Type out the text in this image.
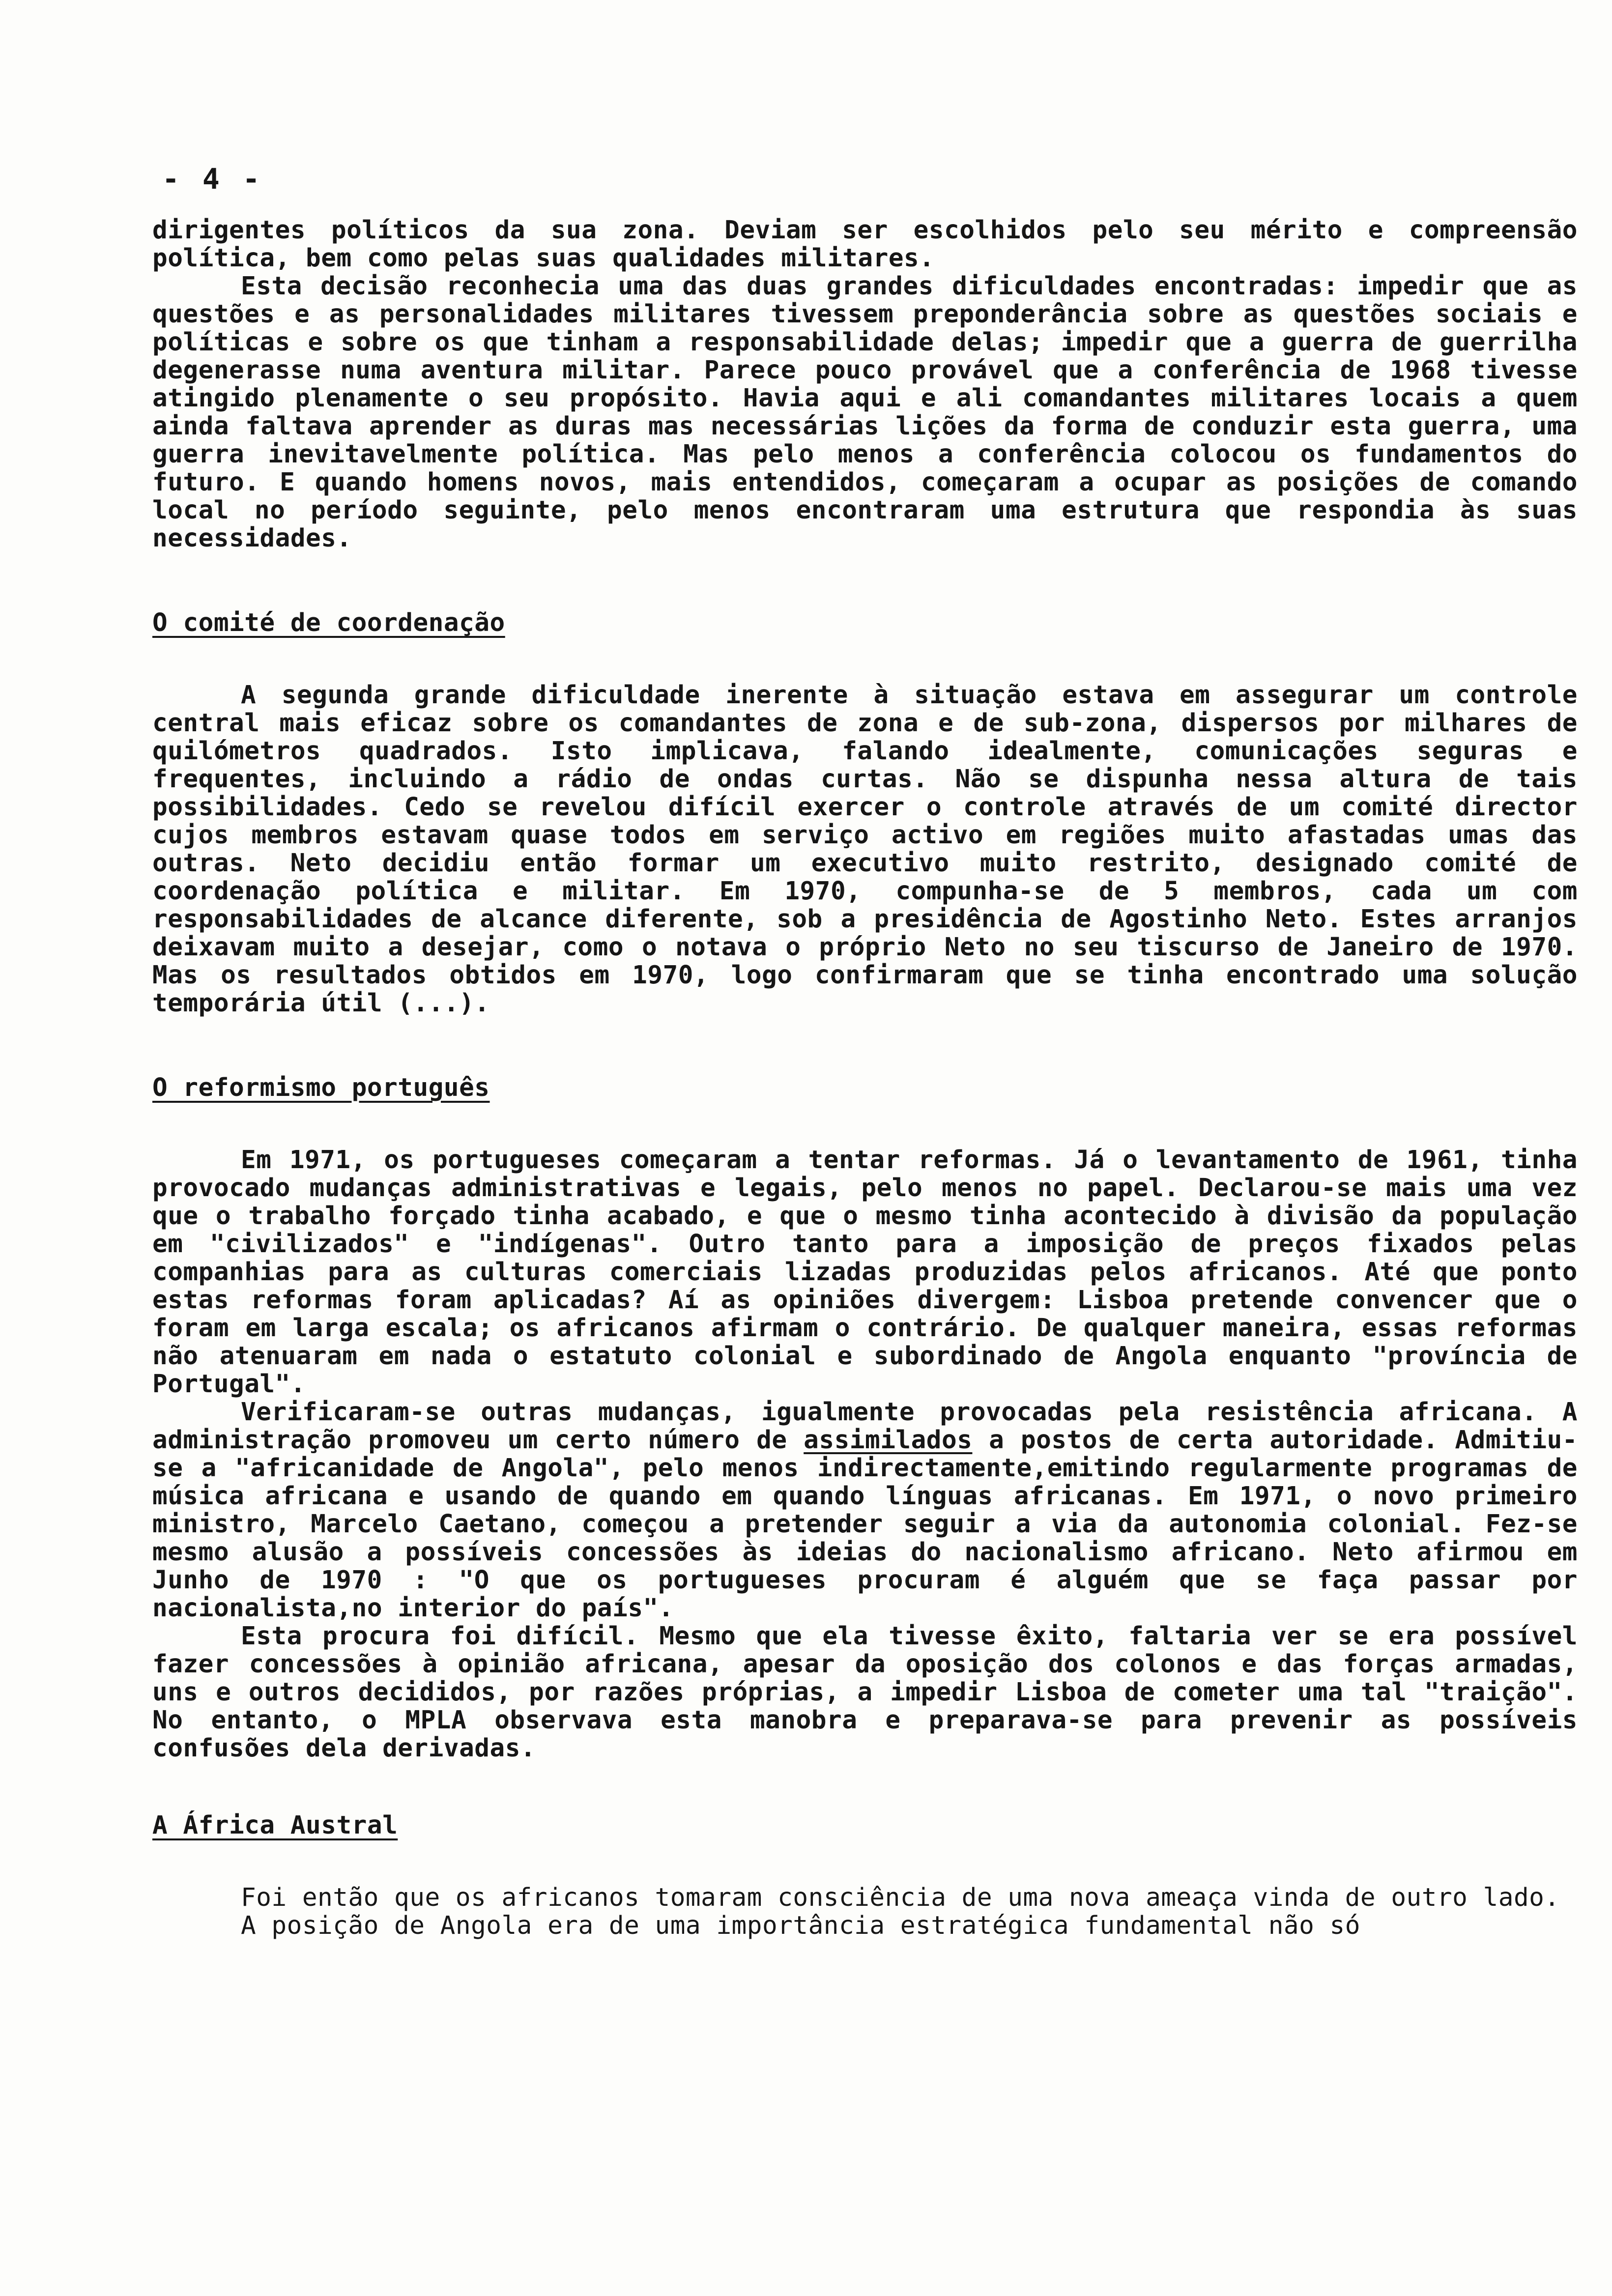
- 4 -

dirigentes políticos da sua zona. Deviam ser escolhidos pelo seu mérito e compreensão política, bem como pelas suas qualidades militares.

Esta decisão reconhecia uma das duas grandes dificuldades encontradas: impedir que as questões e as personalidades militares tivessem preponderância sobre as questões sociais e políticas e sobre os que tinham a responsabilidade delas; impedir que a guerra de guerrilha degenerasse numa aventura militar. Parece pouco provável que a conferência de 1968 tivesse atingido plenamente o seu propósito. Havia aqui e ali comandantes militares locais a quem ainda faltava aprender as duras mas necessárias lições da forma de conduzir esta guerra, uma guerra inevitavelmente política. Mas pelo menos a conferência colocou os fundamentos do futuro. E quando homens novos, mais entendidos, começaram a ocupar as posições de comando local no período seguinte, pelo menos encontraram uma estrutura que respondia às suas necessidades.

O comité de coordenação

A segunda grande dificuldade inerente à situação estava em assegurar um controle central mais eficaz sobre os comandantes de zona e de sub-zona, dispersos por milhares de quilómetros quadrados. Isto implicava, falando idealmente, comunicações seguras e frequentes, incluindo a rádio de ondas curtas. Não se dispunha nessa altura de tais possibilidades. Cedo se revelou difícil exercer o controle através de um comité director cujos membros estavam quase todos em serviço activo em regiões muito afastadas umas das outras. Neto decidiu então formar um executivo muito restrito, designado comité de coordenação política e militar. Em 1970, compunha-se de 5 membros, cada um com responsabilidades de alcance diferente, sob a presidência de Agostinho Neto. Estes arranjos deixavam muito a desejar, como o notava o próprio Neto no seu tiscurso de Janeiro de 1970. Mas os resultados obtidos em 1970, logo confirmaram que se tinha encontrado uma solução temporária útil (...).

O reformismo português

Em 1971, os portugueses começaram a tentar reformas. Já o levantamento de 1961, tinha provocado mudanças administrativas e legais, pelo menos no papel. Declarou-se mais uma vez que o trabalho forçado tinha acabado, e que o mesmo tinha acontecido à divisão da população em "civilizados" e "indígenas". Outro tanto para a imposição de preços fixados pelas companhias para as culturas comerciais lizadas produzidas pelos africanos. Até que ponto estas reformas foram aplicadas? Aí as opiniões divergem: Lisboa pretende convencer que o foram em larga escala; os africanos afirmam o contrário. De qualquer maneira, essas reformas não atenuaram em nada o estatuto colonial e subordinado de Angola enquanto "província de Portugal".

Verificaram-se outras mudanças, igualmente provocadas pela resistência africana. A administração promoveu um certo número de assimilados a postos de certa autoridade. Admitiu-se a "africanidade de Angola", pelo menos indirectamente,emitindo regularmente programas de música africana e usando de quando em quando línguas africanas. Em 1971, o novo primeiro ministro, Marcelo Caetano, começou a pretender seguir a via da autonomia colonial. Fez-se mesmo alusão a possíveis concessões às ideias do nacionalismo africano. Neto afirmou em Junho de 1970 : "O que os portugueses procuram é alguém que se faça passar por nacionalista,no interior do país".

Esta procura foi difícil. Mesmo que ela tivesse êxito, faltaria ver se era possível fazer concessões à opinião africana, apesar da oposição dos colonos e das forças armadas, uns e outros decididos, por razões próprias, a impedir Lisboa de cometer uma tal "traição". No entanto, o MPLA observava esta manobra e preparava-se para prevenir as possíveis confusões dela derivadas.

A África Austral

Foi então que os africanos tomaram consciência de uma nova ameaça vinda de outro lado.

A posição de Angola era de uma importância estratégica fundamental não só
